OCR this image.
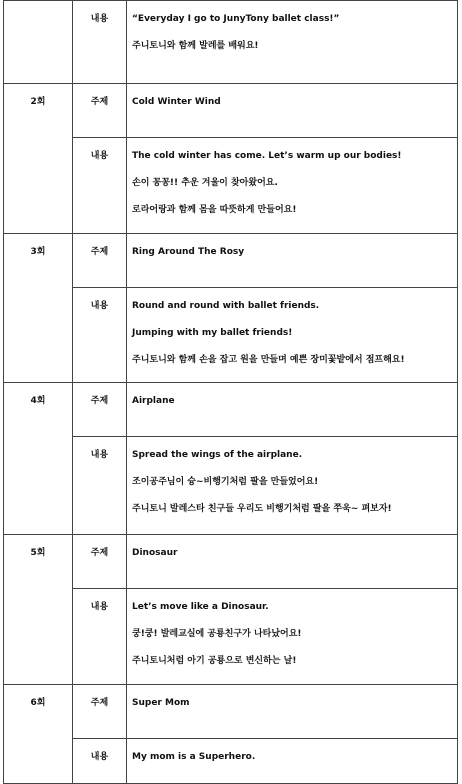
	내용	“Everyday I go to JunyTony ballet class!”
주니토니와 함께 발레를 배워요!

2회	주제	Cold Winter Wind

	내용	The cold winter has come. Let’s warm up our bodies!
손이 꽁꽁!! 추운 겨울이 찾아왔어요.
로라어랑과 함께 몸을 따뜻하게 만들어요!

3회	주제	Ring Around The Rosy

	내용	Round and round with ballet friends.
Jumping with my ballet friends!
주니토니와 함께 손을 잡고 원을 만들며 예쁜 장미꽃밭에서 점프해요!

4회	주제	Airplane

	내용	Spread the wings of the airplane.
조이공주님이 슝~비행기처럼 팔을 만들었어요!
주니토니 발레스타 친구들 우리도 비행기처럼 팔을 쭈욱~ 펴보자!

5회	주제	Dinosaur

	내용	Let’s move like a Dinosaur.
쿵!쿵! 발레교실에 공룡친구가 나타났어요!
주니토니처럼 아기 공룡으로 변신하는 날!

6회	주제	Super Mom

	내용	My mom is a Superhero.
